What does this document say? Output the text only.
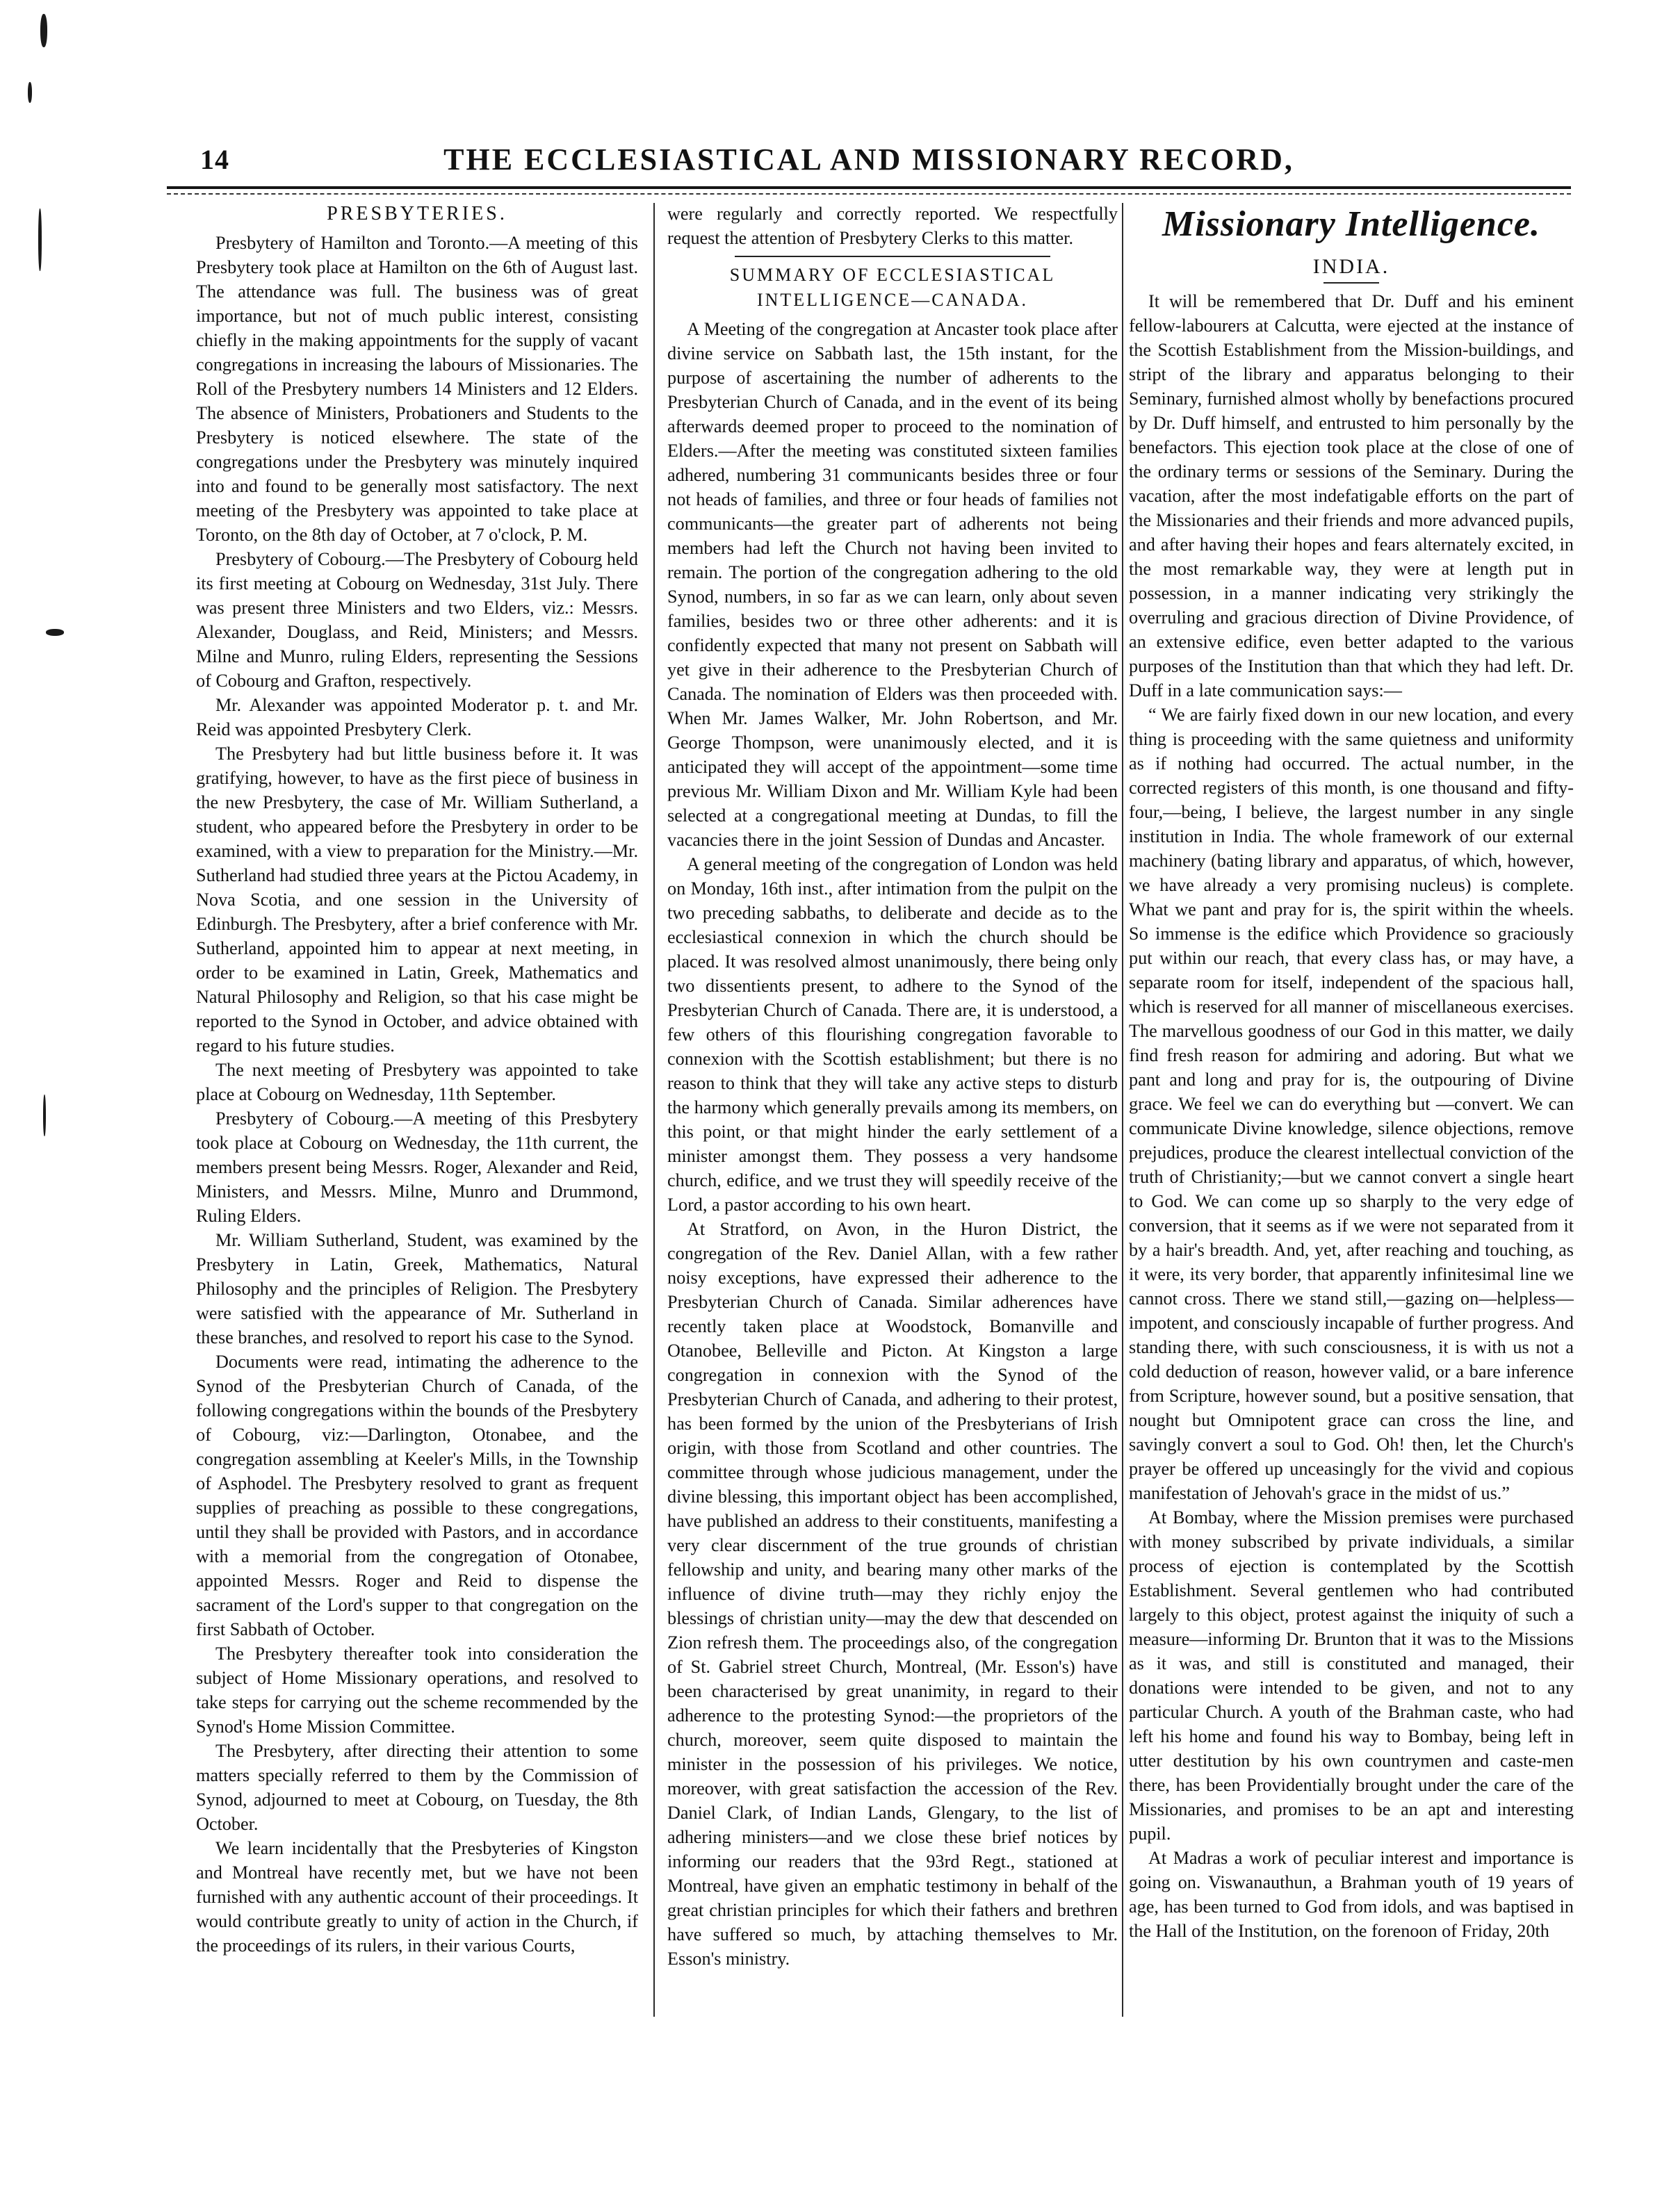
14	THE ECCLESIASTICAL AND MISSIONARY RECORD,
PRESBYTERIES.

Presbytery of Hamilton and Toronto.—A meeting of this Presbytery took place at Hamilton on the 6th of August last. The attendance was full. The business was of great importance, but not of much public interest, consisting chiefly in the making appointments for the supply of vacant congregations in increasing the labours of Missionaries. The Roll of the Presbytery numbers 14 Ministers and 12 Elders. The absence of Ministers, Probationers and Students to the Presbytery is noticed elsewhere. The state of the congregations under the Presbytery was minutely inquired into and found to be generally most satisfactory. The next meeting of the Presbytery was appointed to take place at Toronto, on the 8th day of October, at 7 o'clock, P. M.

Presbytery of Cobourg.—The Presbytery of Cobourg held its first meeting at Cobourg on Wednesday, 31st July. There was present three Ministers and two Elders, viz.: Messrs. Alexander, Douglass, and Reid, Ministers; and Messrs. Milne and Munro, ruling Elders, representing the Sessions of Cobourg and Grafton, respectively.

Mr. Alexander was appointed Moderator p. t. and Mr. Reid was appointed Presbytery Clerk.

The Presbytery had but little business before it. It was gratifying, however, to have as the first piece of business in the new Presbytery, the case of Mr. William Sutherland, a student, who appeared before the Presbytery in order to be examined, with a view to preparation for the Ministry.—Mr. Sutherland had studied three years at the Pictou Academy, in Nova Scotia, and one session in the University of Edinburgh. The Presbytery, after a brief conference with Mr. Sutherland, appointed him to appear at next meeting, in order to be examined in Latin, Greek, Mathematics and Natural Philosophy and Religion, so that his case might be reported to the Synod in October, and advice obtained with regard to his future studies.

The next meeting of Presbytery was appointed to take place at Cobourg on Wednesday, 11th September.

Presbytery of Cobourg.—A meeting of this Presbytery took place at Cobourg on Wednesday, the 11th current, the members present being Messrs. Roger, Alexander and Reid, Ministers, and Messrs. Milne, Munro and Drummond, Ruling Elders.

Mr. William Sutherland, Student, was examined by the Presbytery in Latin, Greek, Mathematics, Natural Philosophy and the principles of Religion. The Presbytery were satisfied with the appearance of Mr. Sutherland in these branches, and resolved to report his case to the Synod.

Documents were read, intimating the adherence to the Synod of the Presbyterian Church of Canada, of the following congregations within the bounds of the Presbytery of Cobourg, viz:—Darlington, Otonabee, and the congregation assembling at Keeler's Mills, in the Township of Asphodel. The Presbytery resolved to grant as frequent supplies of preaching as possible to these congregations, until they shall be provided with Pastors, and in accordance with a memorial from the congregation of Otonabee, appointed Messrs. Roger and Reid to dispense the sacrament of the Lord's supper to that congregation on the first Sabbath of October.

The Presbytery thereafter took into consideration the subject of Home Missionary operations, and resolved to take steps for carrying out the scheme recommended by the Synod's Home Mission Committee.

The Presbytery, after directing their attention to some matters specially referred to them by the Commission of Synod, adjourned to meet at Cobourg, on Tuesday, the 8th October.

We learn incidentally that the Presbyteries of Kingston and Montreal have recently met, but we have not been furnished with any authentic account of their proceedings. It would contribute greatly to unity of action in the Church, if the proceedings of its rulers, in their various Courts,

were regularly and correctly reported. We respectfully request the attention of Presbytery Clerks to this matter.

SUMMARY OF ECCLESIASTICAL INTELLIGENCE—CANADA.

A Meeting of the congregation at Ancaster took place after divine service on Sabbath last, the 15th instant, for the purpose of ascertaining the number of adherents to the Presbyterian Church of Canada, and in the event of its being afterwards deemed proper to proceed to the nomination of Elders.—After the meeting was constituted sixteen families adhered, numbering 31 communicants besides three or four not heads of families, and three or four heads of families not communicants—the greater part of adherents not being members had left the Church not having been invited to remain. The portion of the congregation adhering to the old Synod, numbers, in so far as we can learn, only about seven families, besides two or three other adherents: and it is confidently expected that many not present on Sabbath will yet give in their adherence to the Presbyterian Church of Canada. The nomination of Elders was then proceeded with. When Mr. James Walker, Mr. John Robertson, and Mr. George Thompson, were unanimously elected, and it is anticipated they will accept of the appointment—some time previous Mr. William Dixon and Mr. William Kyle had been selected at a congregational meeting at Dundas, to fill the vacancies there in the joint Session of Dundas and Ancaster.

A general meeting of the congregation of London was held on Monday, 16th inst., after intimation from the pulpit on the two preceding sabbaths, to deliberate and decide as to the ecclesiastical connexion in which the church should be placed. It was resolved almost unanimously, there being only two dissentients present, to adhere to the Synod of the Presbyterian Church of Canada. There are, it is understood, a few others of this flourishing congregation favorable to connexion with the Scottish establishment; but there is no reason to think that they will take any active steps to disturb the harmony which generally prevails among its members, on this point, or that might hinder the early settlement of a minister amongst them. They possess a very handsome church, edifice, and we trust they will speedily receive of the Lord, a pastor according to his own heart.

At Stratford, on Avon, in the Huron District, the congregation of the Rev. Daniel Allan, with a few rather noisy exceptions, have expressed their adherence to the Presbyterian Church of Canada. Similar adherences have recently taken place at Woodstock, Bomanville and Otanobee, Belleville and Picton. At Kingston a large congregation in connexion with the Synod of the Presbyterian Church of Canada, and adhering to their protest, has been formed by the union of the Presbyterians of Irish origin, with those from Scotland and other countries. The committee through whose judicious management, under the divine blessing, this important object has been accomplished, have published an address to their constituents, manifesting a very clear discernment of the true grounds of christian fellowship and unity, and bearing many other marks of the influence of divine truth—may they richly enjoy the blessings of christian unity—may the dew that descended on Zion refresh them. The proceedings also, of the congregation of St. Gabriel street Church, Montreal, (Mr. Esson's) have been characterised by great unanimity, in regard to their adherence to the protesting Synod:—the proprietors of the church, moreover, seem quite disposed to maintain the minister in the possession of his privileges. We notice, moreover, with great satisfaction the accession of the Rev. Daniel Clark, of Indian Lands, Glengary, to the list of adhering ministers—and we close these brief notices by informing our readers that the 93rd Regt., stationed at Montreal, have given an emphatic testimony in behalf of the great christian principles for which their fathers and brethren have suffered so much, by attaching themselves to Mr. Esson's ministry.

Missionary Intelligence.
INDIA.

It will be remembered that Dr. Duff and his eminent fellow-labourers at Calcutta, were ejected at the instance of the Scottish Establishment from the Mission-buildings, and stript of the library and apparatus belonging to their Seminary, furnished almost wholly by benefactions procured by Dr. Duff himself, and entrusted to him personally by the benefactors. This ejection took place at the close of one of the ordinary terms or sessions of the Seminary. During the vacation, after the most indefatigable efforts on the part of the Missionaries and their friends and more advanced pupils, and after having their hopes and fears alternately excited, in the most remarkable way, they were at length put in possession, in a manner indicating very strikingly the overruling and gracious direction of Divine Providence, of an extensive edifice, even better adapted to the various purposes of the Institution than that which they had left. Dr. Duff in a late communication says:—

“ We are fairly fixed down in our new location, and every thing is proceeding with the same quietness and uniformity as if nothing had occurred. The actual number, in the corrected registers of this month, is one thousand and fifty-four,—being, I believe, the largest number in any single institution in India. The whole framework of our external machinery (bating library and apparatus, of which, however, we have already a very promising nucleus) is complete. What we pant and pray for is, the spirit within the wheels. So immense is the edifice which Providence so graciously put within our reach, that every class has, or may have, a separate room for itself, independent of the spacious hall, which is reserved for all manner of miscellaneous exercises. The marvellous goodness of our God in this matter, we daily find fresh reason for admiring and adoring. But what we pant and long and pray for is, the outpouring of Divine grace. We feel we can do everything but —convert. We can communicate Divine knowledge, silence objections, remove prejudices, produce the clearest intellectual conviction of the truth of Christianity;—but we cannot convert a single heart to God. We can come up so sharply to the very edge of conversion, that it seems as if we were not separated from it by a hair's breadth. And, yet, after reaching and touching, as it were, its very border, that apparently infinitesimal line we cannot cross. There we stand still,—gazing on—helpless—impotent, and consciously incapable of further progress. And standing there, with such consciousness, it is with us not a cold deduction of reason, however valid, or a bare inference from Scripture, however sound, but a positive sensation, that nought but Omnipotent grace can cross the line, and savingly convert a soul to God. Oh! then, let the Church's prayer be offered up unceasingly for the vivid and copious manifestation of Jehovah's grace in the midst of us.”

At Bombay, where the Mission premises were purchased with money subscribed by private individuals, a similar process of ejection is contemplated by the Scottish Establishment. Several gentlemen who had contributed largely to this object, protest against the iniquity of such a measure—informing Dr. Brunton that it was to the Missions as it was, and still is constituted and managed, their donations were intended to be given, and not to any particular Church. A youth of the Brahman caste, who had left his home and found his way to Bombay, being left in utter destitution by his own countrymen and caste-men there, has been Providentially brought under the care of the Missionaries, and promises to be an apt and interesting pupil.

At Madras a work of peculiar interest and importance is going on. Viswanauthun, a Brahman youth of 19 years of age, has been turned to God from idols, and was baptised in the Hall of the Institution, on the forenoon of Friday, 20th
